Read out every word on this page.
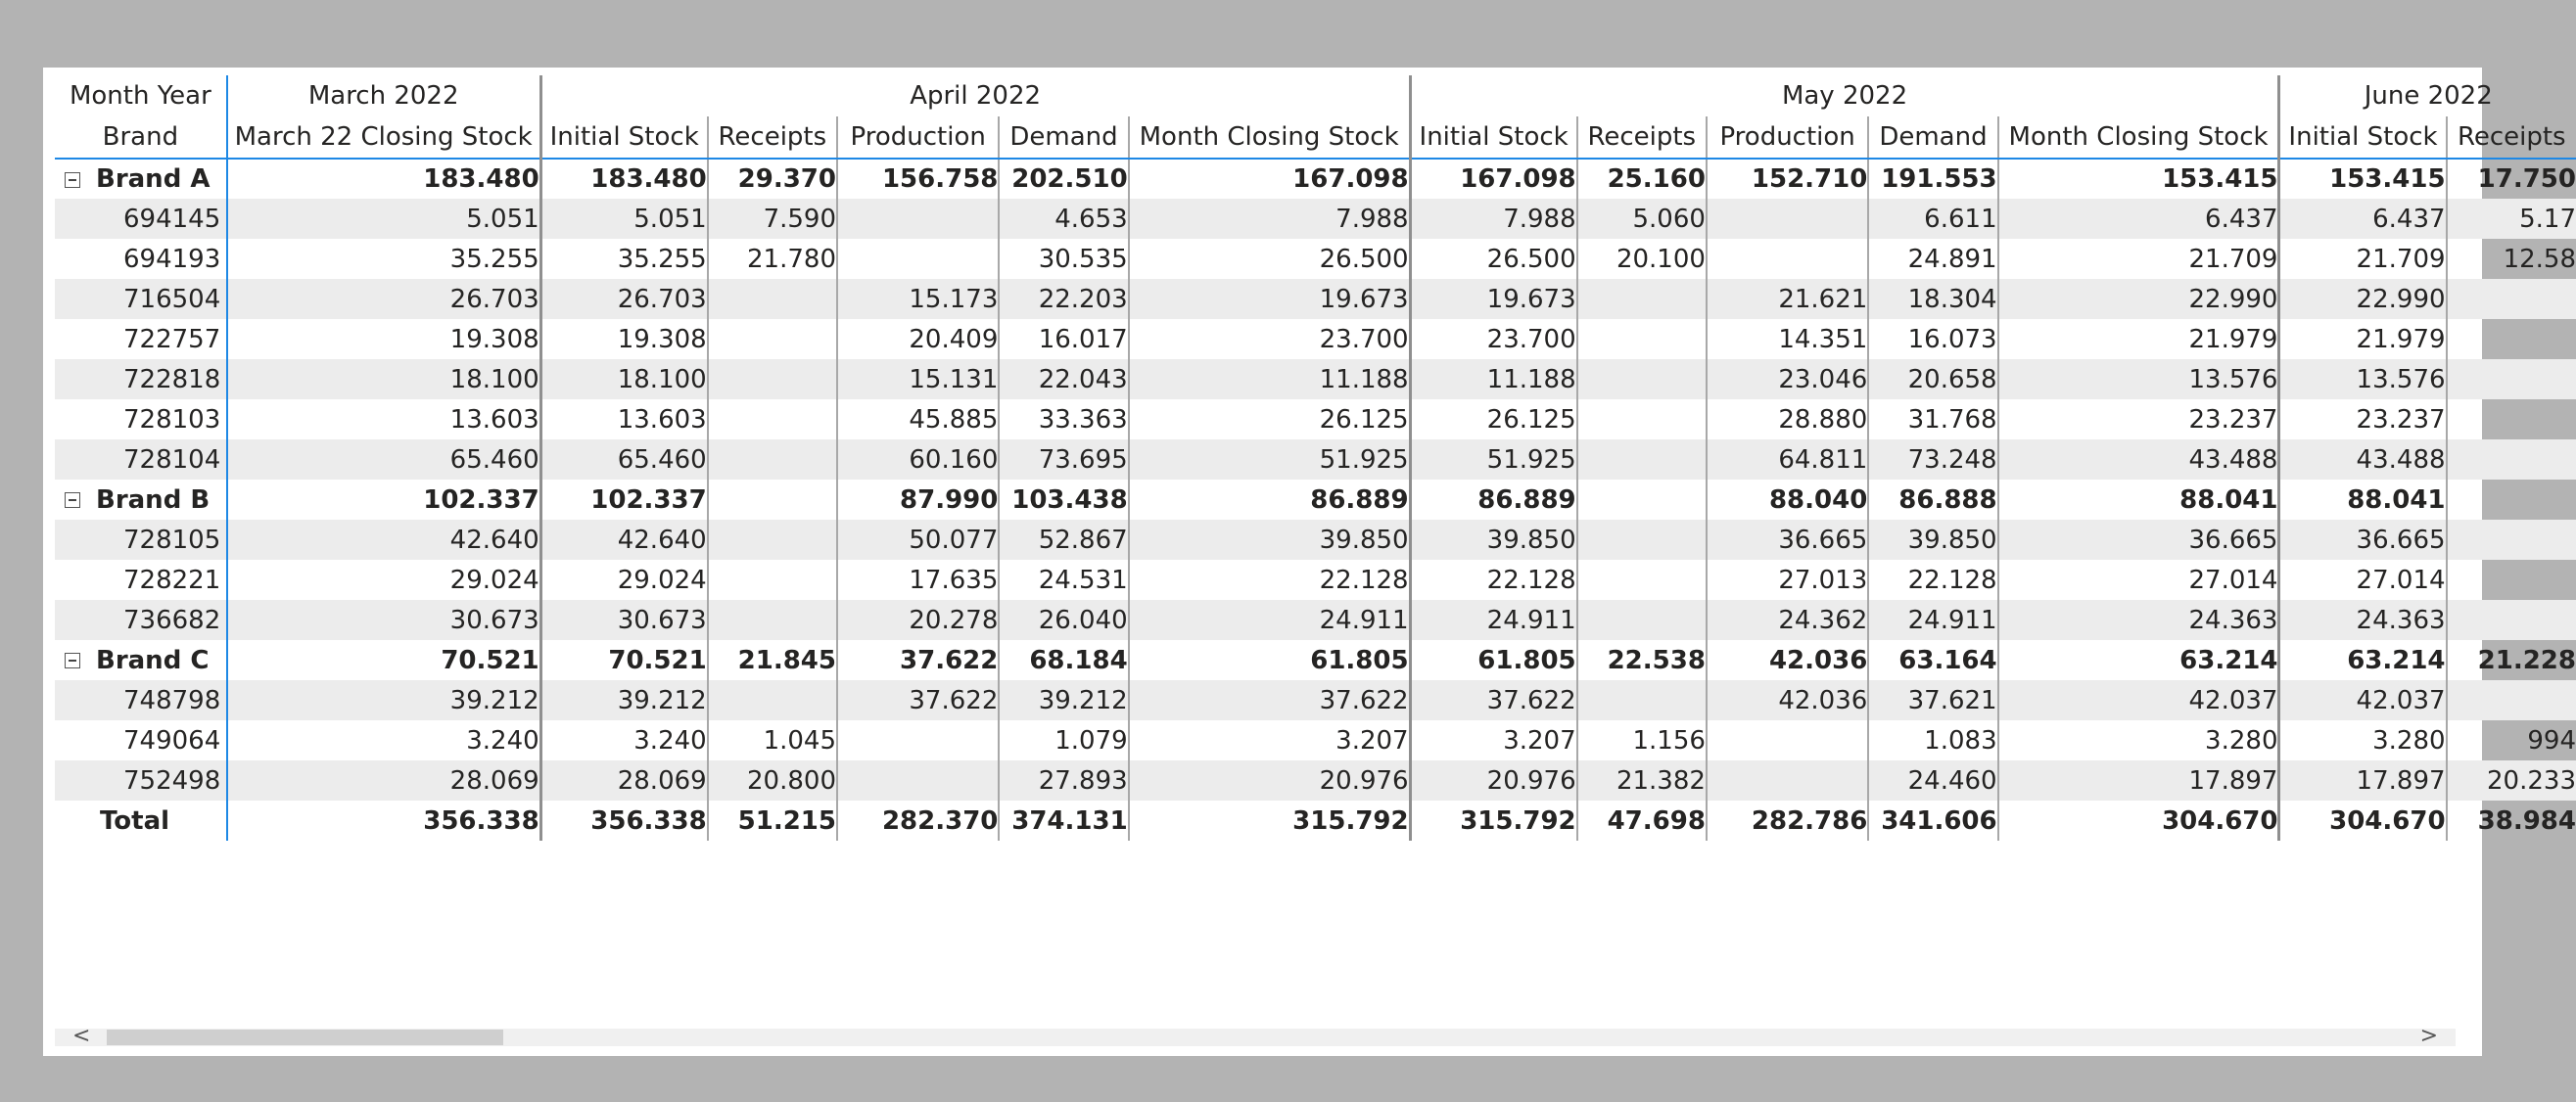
Month Year	March 2022	April 2022					May 2022					June 2022	
Brand	March 22 Closing Stock	Initial Stock	Receipts	Production	Demand	Month Closing Stock	Initial Stock	Receipts	Production	Demand	Month Closing Stock	Initial Stock	Receipts
Brand A	183.480	183.480	29.370	156.758	202.510	167.098	167.098	25.160	152.710	191.553	153.415	153.415	17.750
694145	5.051	5.051	7.590		4.653	7.988	7.988	5.060		6.611	6.437	6.437	5.17
694193	35.255	35.255	21.780		30.535	26.500	26.500	20.100		24.891	21.709	21.709	12.58
716504	26.703	26.703		15.173	22.203	19.673	19.673		21.621	18.304	22.990	22.990	
722757	19.308	19.308		20.409	16.017	23.700	23.700		14.351	16.073	21.979	21.979	
722818	18.100	18.100		15.131	22.043	11.188	11.188		23.046	20.658	13.576	13.576	
728103	13.603	13.603		45.885	33.363	26.125	26.125		28.880	31.768	23.237	23.237	
728104	65.460	65.460		60.160	73.695	51.925	51.925		64.811	73.248	43.488	43.488	
Brand B	102.337	102.337		87.990	103.438	86.889	86.889		88.040	86.888	88.041	88.041	
728105	42.640	42.640		50.077	52.867	39.850	39.850		36.665	39.850	36.665	36.665	
728221	29.024	29.024		17.635	24.531	22.128	22.128		27.013	22.128	27.014	27.014	
736682	30.673	30.673		20.278	26.040	24.911	24.911		24.362	24.911	24.363	24.363	
Brand C	70.521	70.521	21.845	37.622	68.184	61.805	61.805	22.538	42.036	63.164	63.214	63.214	21.228
748798	39.212	39.212		37.622	39.212	37.622	37.622		42.036	37.621	42.037	42.037	
749064	3.240	3.240	1.045		1.079	3.207	3.207	1.156		1.083	3.280	3.280	994
752498	28.069	28.069	20.800		27.893	20.976	20.976	21.382		24.460	17.897	17.897	20.233
Total	356.338	356.338	51.215	282.370	374.131	315.792	315.792	47.698	282.786	341.606	304.670	304.670	38.984
<	>
